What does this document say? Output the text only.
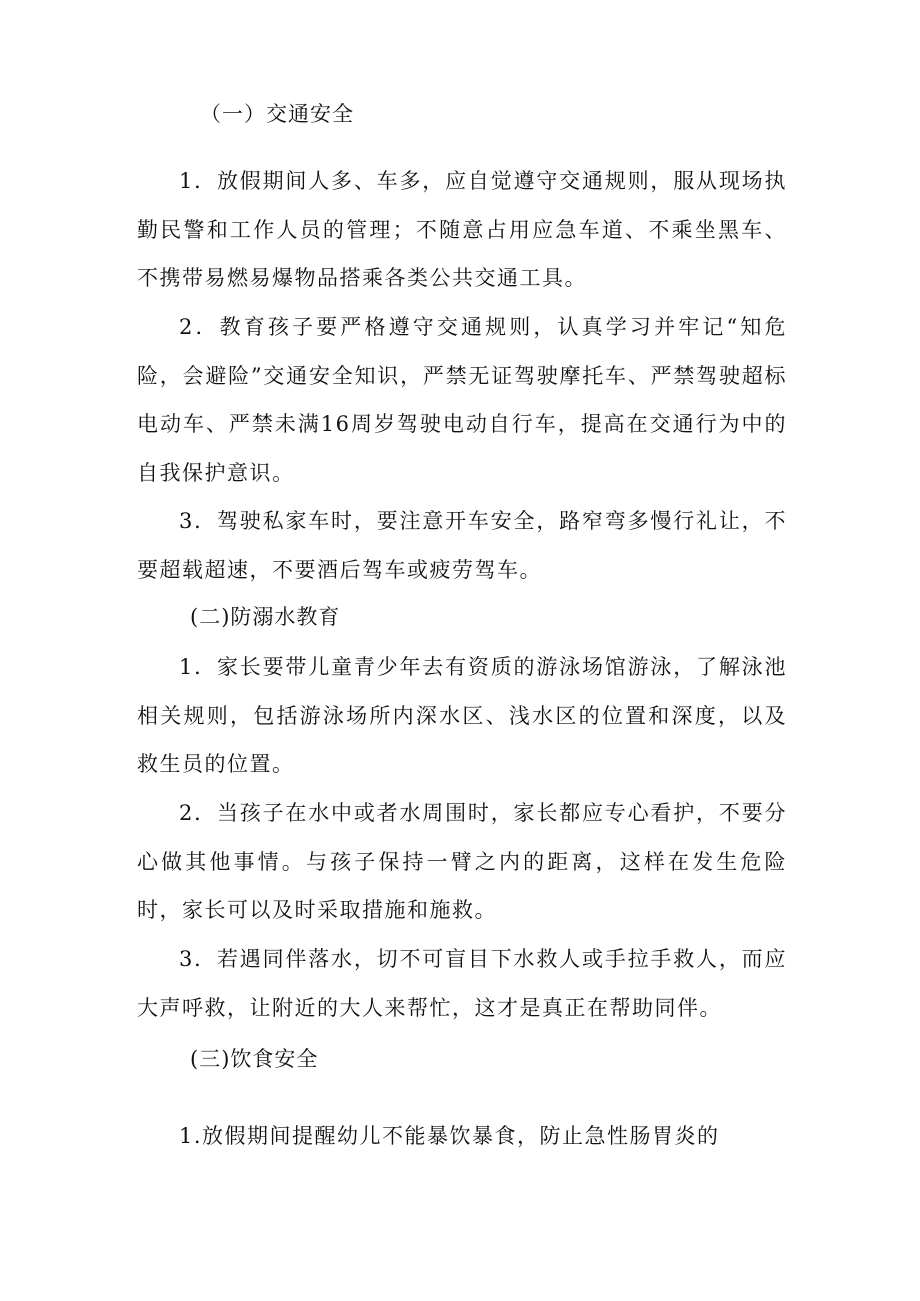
（一）交通安全

1．放假期间人多、车多，应自觉遵守交通规则，服从现场执勤民警和工作人员的管理；不随意占用应急车道、不乘坐黑车、不携带易燃易爆物品搭乘各类公共交通工具。

2．教育孩子要严格遵守交通规则，认真学习并牢记“知危险，会避险”交通安全知识，严禁无证驾驶摩托车、严禁驾驶超标电动车、严禁未满16周岁驾驶电动自行车，提高在交通行为中的自我保护意识。

3．驾驶私家车时，要注意开车安全，路窄弯多慢行礼让，不要超载超速，不要酒后驾车或疲劳驾车。

(二)防溺水教育

1．家长要带儿童青少年去有资质的游泳场馆游泳，了解泳池相关规则，包括游泳场所内深水区、浅水区的位置和深度，以及救生员的位置。

2．当孩子在水中或者水周围时，家长都应专心看护，不要分心做其他事情。与孩子保持一臂之内的距离，这样在发生危险时，家长可以及时采取措施和施救。

3．若遇同伴落水，切不可盲目下水救人或手拉手救人，而应大声呼救，让附近的大人来帮忙，这才是真正在帮助同伴。

(三)饮食安全

1.放假期间提醒幼儿不能暴饮暴食，防止急性肠胃炎的
